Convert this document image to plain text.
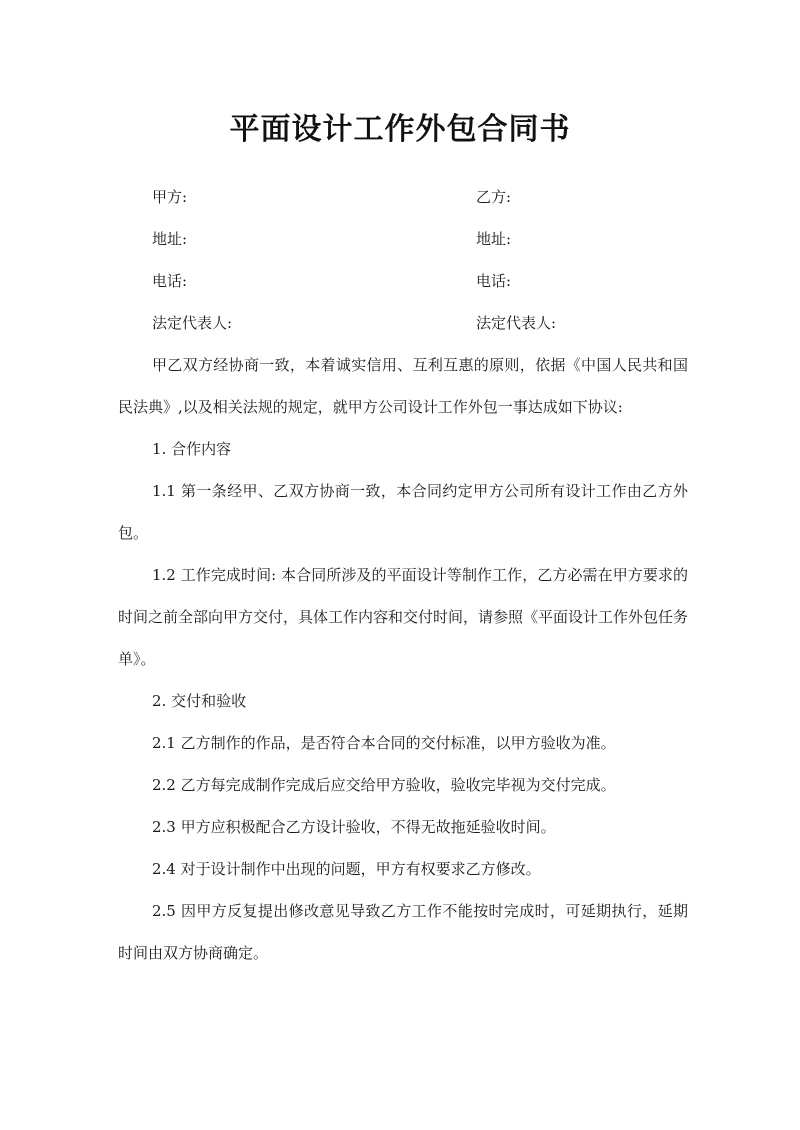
平面设计工作外包合同书
甲方:	乙方:
地址:	地址:
电话:	电话:
法定代表人:	法定代表人:

甲乙双方经协商一致，本着诚实信用、互利互惠的原则，依据《中国人民共和国民法典》,以及相关法规的规定，就甲方公司设计工作外包一事达成如下协议:

1. 合作内容

1.1 第一条经甲、乙双方协商一致，本合同约定甲方公司所有设计工作由乙方外包。

1.2 工作完成时间: 本合同所涉及的平面设计等制作工作，乙方必需在甲方要求的时间之前全部向甲方交付，具体工作内容和交付时间，请参照《平面设计工作外包任务单》。

2. 交付和验收

2.1 乙方制作的作品，是否符合本合同的交付标准，以甲方验收为准。

2.2 乙方每完成制作完成后应交给甲方验收，验收完毕视为交付完成。

2.3 甲方应积极配合乙方设计验收，不得无故拖延验收时间。

2.4 对于设计制作中出现的问题，甲方有权要求乙方修改。

2.5 因甲方反复提出修改意见导致乙方工作不能按时完成时，可延期执行，延期时间由双方协商确定。
